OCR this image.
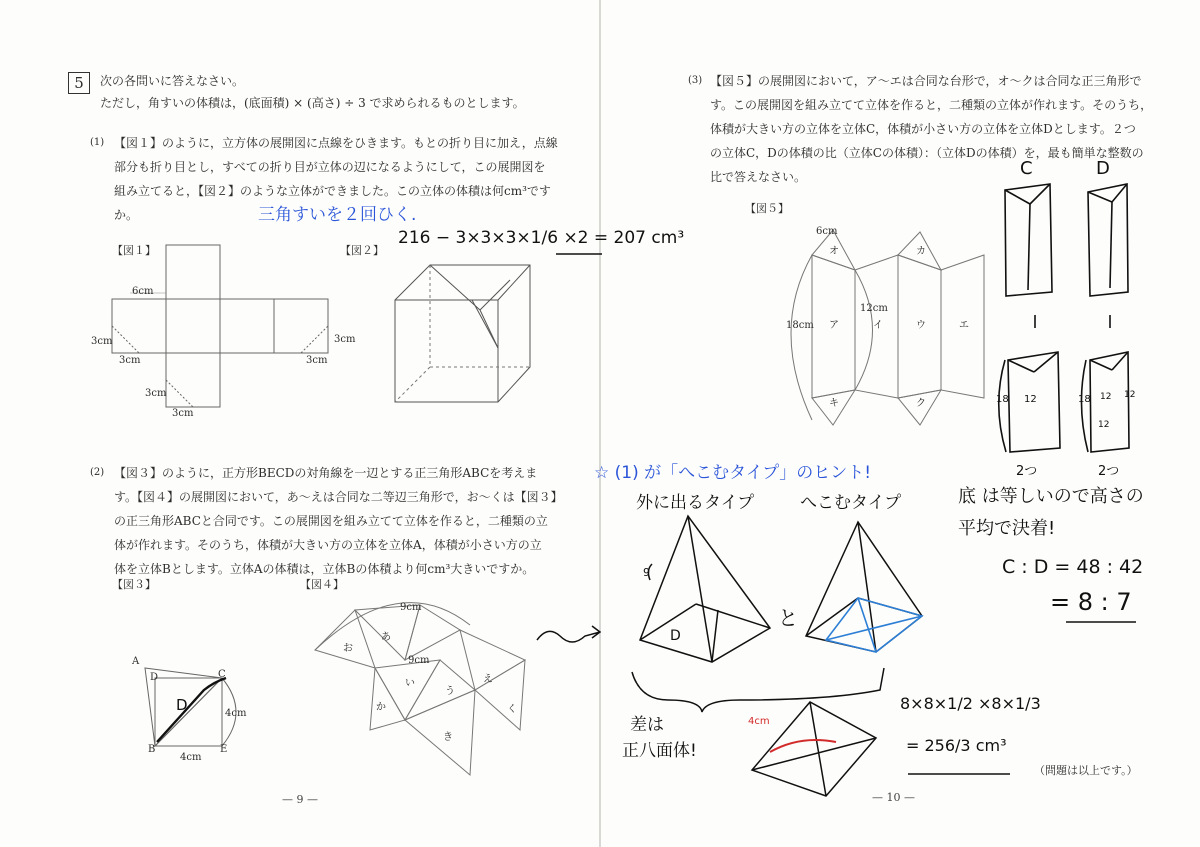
5	次の各問いに答えなさい。
ただし，角すいの体積は，(底面積) × (高さ) ÷ 3 で求められるものとします。
(1) 【図１】のように，立方体の展開図に点線をひきます。もとの折り目に加え，点線
部分も折り目とし，すべての折り目が立体の辺になるようにして，この展開図を
組み立てると，【図２】のような立体ができました。この立体の体積は何cm³です
か。
【図１】	【図２】
6cm
3cm
3cm
3cm
3cm
3cm
3cm
三角すいを２回ひく.
216 − 3×3×3×1/6 ×2 = 207 cm³
(2) 【図３】のように，正方形BECDの対角線を一辺とする正三角形ABCを考えま
す。【図４】の展開図において，あ～えは合同な二等辺三角形で，お～くは【図３】
の正三角形ABCと合同です。この展開図を組み立てて立体を作ると，二種類の立
体が作れます。そのうち，体積が大きい方の立体を立体A，体積が小さい方の立
体を立体Bとします。立体Aの体積は，立体Bの体積より何cm³大きいですか。
【図３】	【図４】
A
D	C
B	E
4cm
4cm
D
9cm
9cm
お
あ
い
う
え
か
き
く
— 9 —
(3) 【図５】の展開図において，ア～エは合同な台形で，オ～クは合同な正三角形で
す。この展開図を組み立てて立体を作ると，二種類の立体が作れます。そのうち，
体積が大きい方の立体を立体C，体積が小さい方の立体を立体Dとします。２つ
の立体C，Dの体積の比（立体Cの体積）：（立体Dの体積）を，最も簡単な整数の
比で答えなさい。
【図５】
6cm
18cm
12cm
ア	イ	ウ	エ
オ	カ
キ	ク
C	D
18 12	18 12 12
2つ	2つ
底 は等しいので高さの
平均で決着!
C : D = 48 : 42
= 8 : 7
☆ (1) が「へこむタイプ」のヒント!
外に出るタイプ	へこむタイプ
と
D
9
4cm
12
差は
正八面体!
8×8×1/2 ×8×1/3
= 256/3 cm³
（問題は以上です。）
— 10 —
